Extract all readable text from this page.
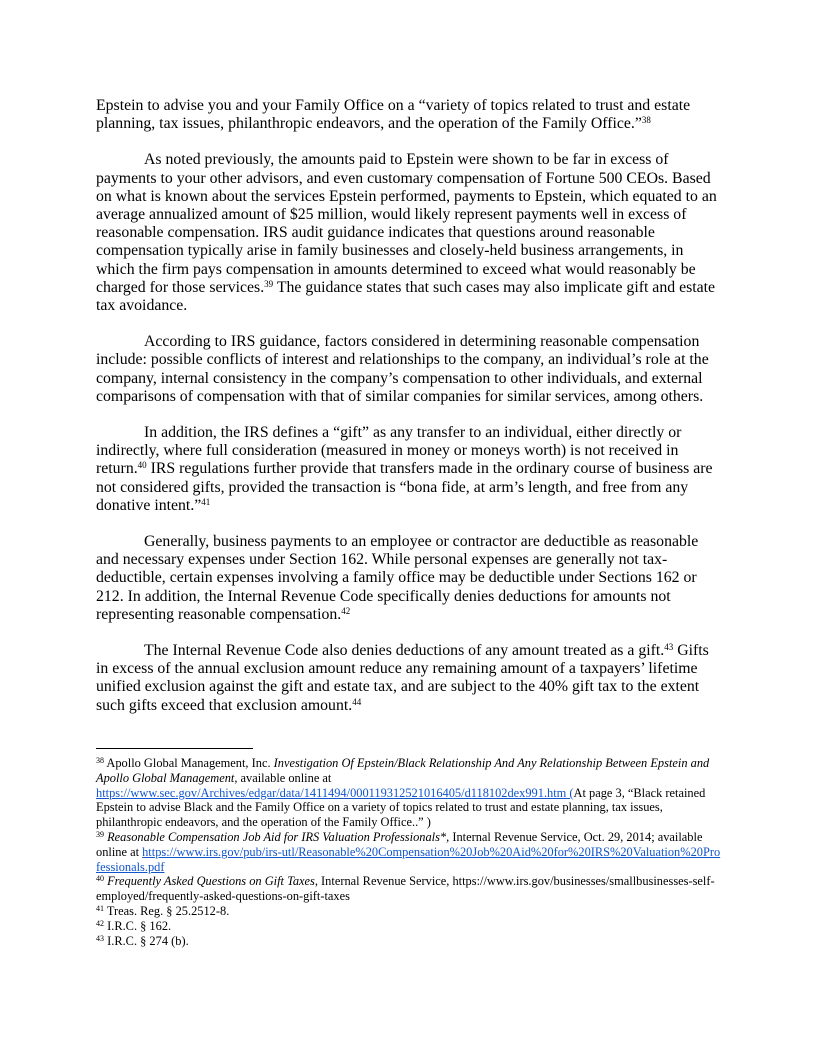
Epstein to advise you and your Family Office on a “variety of topics related to trust and estate planning, tax issues, philanthropic endeavors, and the operation of the Family Office.”$^{38}$

As noted previously, the amounts paid to Epstein were shown to be far in excess of payments to your other advisors, and even customary compensation of Fortune 500 CEOs. Based on what is known about the services Epstein performed, payments to Epstein, which equated to an average annualized amount of $25 million, would likely represent payments well in excess of reasonable compensation. IRS audit guidance indicates that questions around reasonable compensation typically arise in family businesses and closely-held business arrangements, in which the firm pays compensation in amounts determined to exceed what would reasonably be charged for those services.$^{39}$ The guidance states that such cases may also implicate gift and estate tax avoidance.

According to IRS guidance, factors considered in determining reasonable compensation include: possible conflicts of interest and relationships to the company, an individual’s role at the company, internal consistency in the company’s compensation to other individuals, and external comparisons of compensation with that of similar companies for similar services, among others.

In addition, the IRS defines a “gift” as any transfer to an individual, either directly or indirectly, where full consideration (measured in money or moneys worth) is not received in return.$^{40}$ IRS regulations further provide that transfers made in the ordinary course of business are not considered gifts, provided the transaction is “bona fide, at arm’s length, and free from any donative intent.”$^{41}$

Generally, business payments to an employee or contractor are deductible as reasonable and necessary expenses under Section 162. While personal expenses are generally not tax-deductible, certain expenses involving a family office may be deductible under Sections 162 or 212. In addition, the Internal Revenue Code specifically denies deductions for amounts not representing reasonable compensation.$^{42}$

The Internal Revenue Code also denies deductions of any amount treated as a gift.$^{43}$ Gifts in excess of the annual exclusion amount reduce any remaining amount of a taxpayers’ lifetime unified exclusion against the gift and estate tax, and are subject to the 40% gift tax to the extent such gifts exceed that exclusion amount.$^{44}$

$^{38}$ Apollo Global Management, Inc. Investigation Of Epstein/Black Relationship And Any Relationship Between Epstein and Apollo Global Management, available online at
https://www.sec.gov/Archives/edgar/data/1411494/000119312521016405/d118102dex991.htm (At page 3, “Black retained Epstein to advise Black and the Family Office on a variety of topics related to trust and estate planning, tax issues, philanthropic endeavors, and the operation of the Family Office..” )

$^{39}$ Reasonable Compensation Job Aid for IRS Valuation Professionals*, Internal Revenue Service, Oct. 29, 2014; available online at https://www.irs.gov/pub/irs-utl/Reasonable%20Compensation%20Job%20Aid%20for%20IRS%20Valuation%20Professionals.pdf

$^{40}$ Frequently Asked Questions on Gift Taxes, Internal Revenue Service, https://www.irs.gov/businesses/smallbusinesses-self-employed/frequently-asked-questions-on-gift-taxes

$^{41}$ Treas. Reg. § 25.2512-8.

$^{42}$ I.R.C. § 162.

$^{43}$ I.R.C. § 274 (b).
